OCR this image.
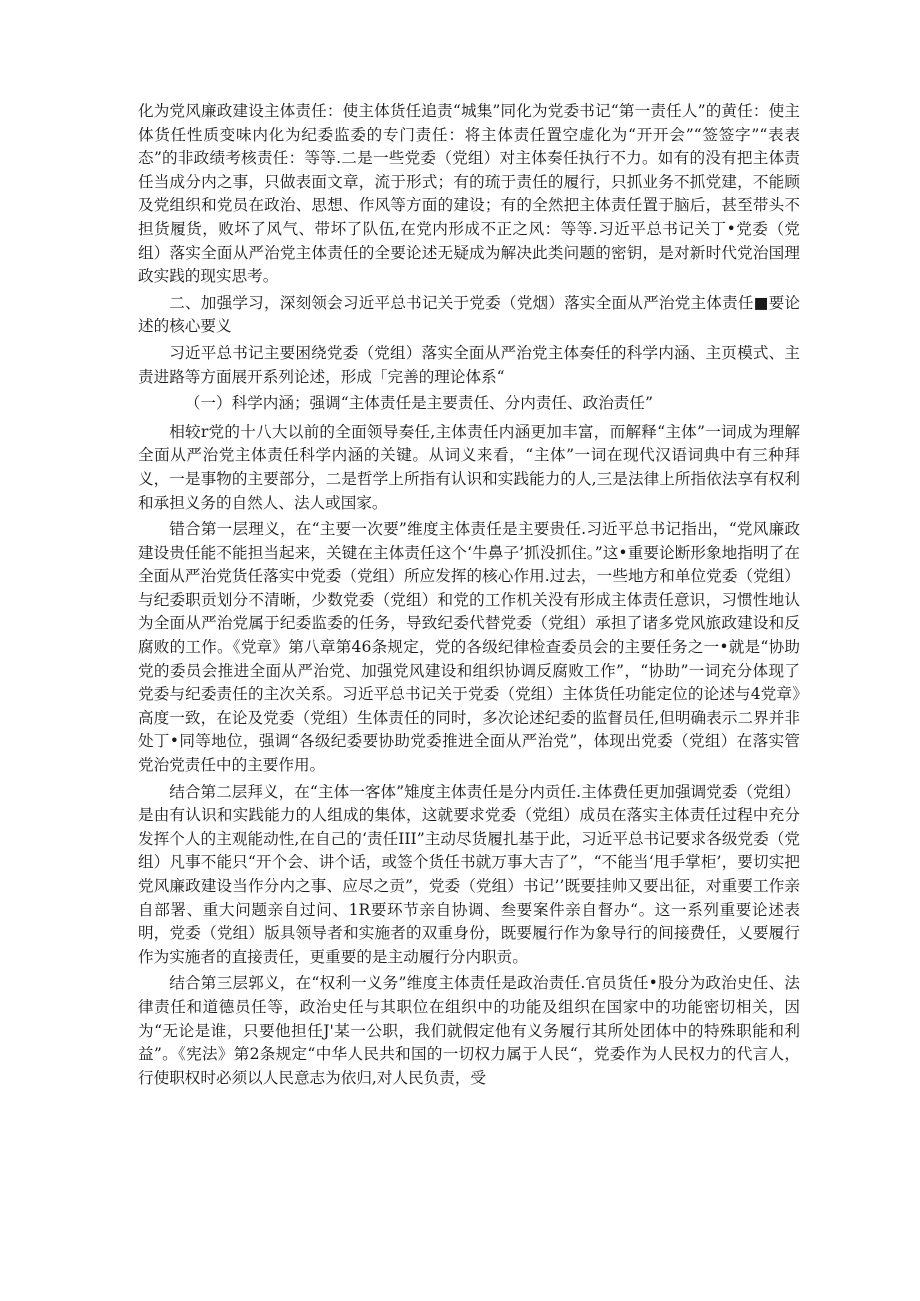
化为党风廉政建设主体责任：使主体货任追责“城集”同化为党委书记“第一责任人”的黄任：使主体货任性质变味内化为纪委监委的专门责任：将主体责任置空虚化为“开开会”“签签字”“表表态”的非政绩考核责任：等等.二是一些党委（党组）对主体奏任执行不力。如有的没有把主体责任当成分内之事，只做表面文章，流于形式；有的琉于责任的履行，只抓业务不抓党建，不能顾及党组织和党员在政治、思想、作风等方面的建设；有的全然把主体责任置于脑后，甚至带头不担货履货，败坏了风气、带坏了队伍,在党内形成不正之风：等等.习近平总书记关丁•党委（党组）落实全面从严治党主体责任的全要论述无疑成为解决此类问题的密钥，是对新时代党治国理政实践的现实思考。

二、加强学习，深刻领会习近平总书记关于党委（党烟）落实全面从严治党主体责任■要论述的核心要义

习近平总书记主要困绕党委（党组）落实全面从严治党主体奏任的科学内涵、主页模式、主责进路等方面展开系列论述，形成「完善的理论体系“

（一）科学内涵；强调“主体责任是主要责任、分内责任、政治责任”

相较r党的十八大以前的全面领导奏任,主体责任内涵更加丰富，而解释“主体”一词成为理解全面从严治党主体责任科学内涵的关键。从词义来看，“主体”一词在现代汉语词典中有三种拜义，一是事物的主要部分，二是哲学上所指有认识和实践能力的人,三是法律上所指依法享有权利和承担义务的自然人、法人或国家。

错合第一层理义，在“主要一次要”维度主体责任是主要贵任.习近平总书记指出，“党风廉政建设贵任能不能担当起来，关键在主体责任这个‘牛鼻子’抓没抓住。”这•重要论断形象地指明了在全面从严治党货任落实中党委（党组）所应发挥的核心作用.过去，一些地方和单位党委（党组）与纪委职贡划分不清晰，少数党委（党组）和党的工作机关没有形成主体责任意识，习惯性地认为全面从严治党属于纪委监委的任务，导致纪委代替党委（党组）承担了诸多党风旅政建设和反腐败的工作。《党章》第八章第46条规定，党的各级纪律检查委员会的主要任务之一•就是“协助党的委员会推进全面从严治党、加强党风建设和组织协调反腐败工作”，“协助”一词充分体现了党委与纪委责任的主次关系。习近平总书记关于党委（党组）主体货任功能定位的论述与4党章》高度一致，在论及党委（党组）生体责任的同时，多次论述纪委的监督员任,但明确表示二界并非处丁•同等地位，强调“各级纪委要协助党委推进全面从严治党”，体现出党委（党组）在落实管党治党责任中的主要作用。

结合第二层拜义，在“主体一客体”雉度主体责任是分内贡任.主体费任更加强调党委（党组）是由有认识和实践能力的人组成的集体，这就要求党委（党组）成员在落实主体责任过程中充分发挥个人的主观能动性,在自己的‘责任III”主动尽货履扎基于此，习近平总书记要求各级党委（党组）凡事不能只“开个会、讲个话，或签个货任书就万事大吉了”，“不能当‘甩手掌柜’，要切实把党风廉政建设当作分内之事、应尽之贡”，党委（党组）书记’’既要挂帅又要出征，对重要工作亲自部署、重大问题亲自过问、1R要环节亲自协调、叁要案件亲自督办“。这一系列重要论述表明，党委（党组）版具领导者和实施者的双重身份，既要履行作为象导行的间接费任，乂要履行作为实施者的直接责任，更重要的是主动履行分内职贡。

结合第三层郭义，在“权利一义务”维度主体责任是政治责任.官员货任•股分为政治史任、法律责任和道德员任等，政治史任与其职位在组织中的功能及组织在国家中的功能密切相关，因为“无论是谁，只要他担任J'某一公职，我们就假定他有义务履行其所处团体中的特殊职能和利益”。《宪法》第2条规定“中华人民共和国的一切权力属于人民“，党委作为人民权力的代言人，行使职权时必须以人民意志为依归,对人民负责，受
